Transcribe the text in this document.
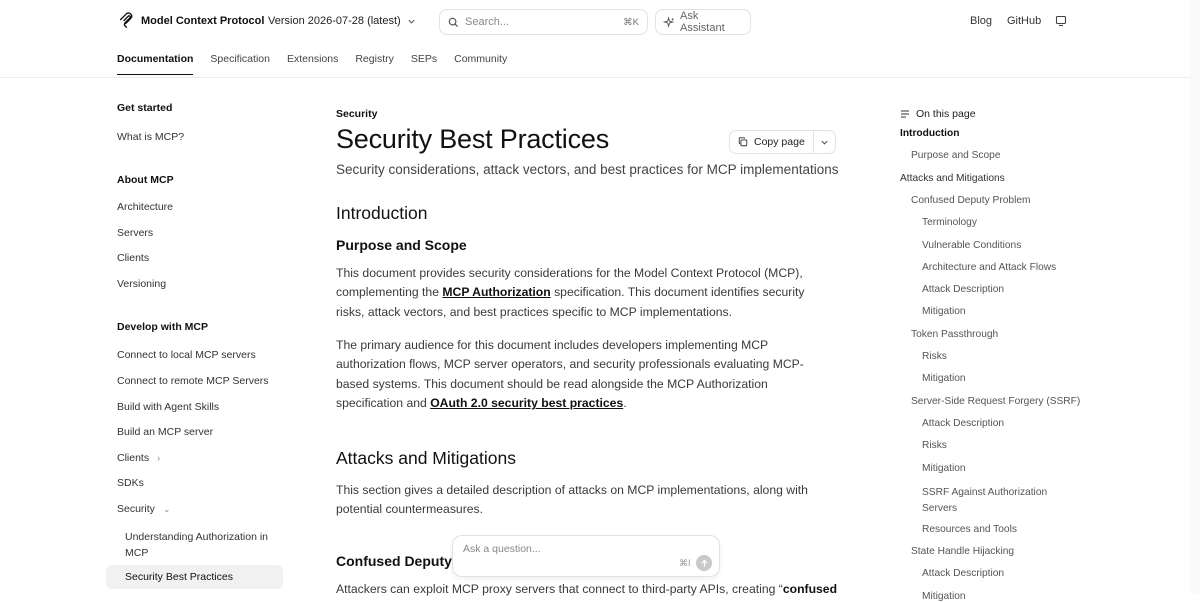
Model Context Protocol Version 2026-07-28 (latest)	Search...	⌘K	Ask Assistant
Blog GitHub
Documentation Specification Extensions Registry SEPs Community
Get started
What is MCP?
About MCP
Architecture
Servers
Clients
Versioning
Develop with MCP
Connect to local MCP servers
Connect to remote MCP Servers
Build with Agent Skills
Build an MCP server
Clients ›
SDKs
Security ⌄
Understanding Authorization in
MCP
Security Best Practices
Security
Security Best Practices	Copy page

Security considerations, attack vectors, and best practices for MCP implementations

Introduction
Purpose and Scope

This document provides security considerations for the Model Context Protocol (MCP), complementing the MCP Authorization specification. This document identifies security risks, attack vectors, and best practices specific to MCP implementations.

The primary audience for this document includes developers implementing MCP authorization flows, MCP server operators, and security professionals evaluating MCP-based systems. This document should be read alongside the MCP Authorization specification and OAuth 2.0 security best practices.

Attacks and Mitigations

This section gives a detailed description of attacks on MCP implementations, along with potential countermeasures.

Confused Deputy

Attackers can exploit MCP proxy servers that connect to third-party APIs, creating “confused

Ask a question...
⌘I
On this page
Introduction
Purpose and Scope
Attacks and Mitigations
Confused Deputy Problem
Terminology
Vulnerable Conditions
Architecture and Attack Flows
Attack Description
Mitigation
Token Passthrough
Risks
Mitigation
Server-Side Request Forgery (SSRF)
Attack Description
Risks
Mitigation
SSRF Against Authorization Servers
Resources and Tools
State Handle Hijacking
Attack Description
Mitigation
